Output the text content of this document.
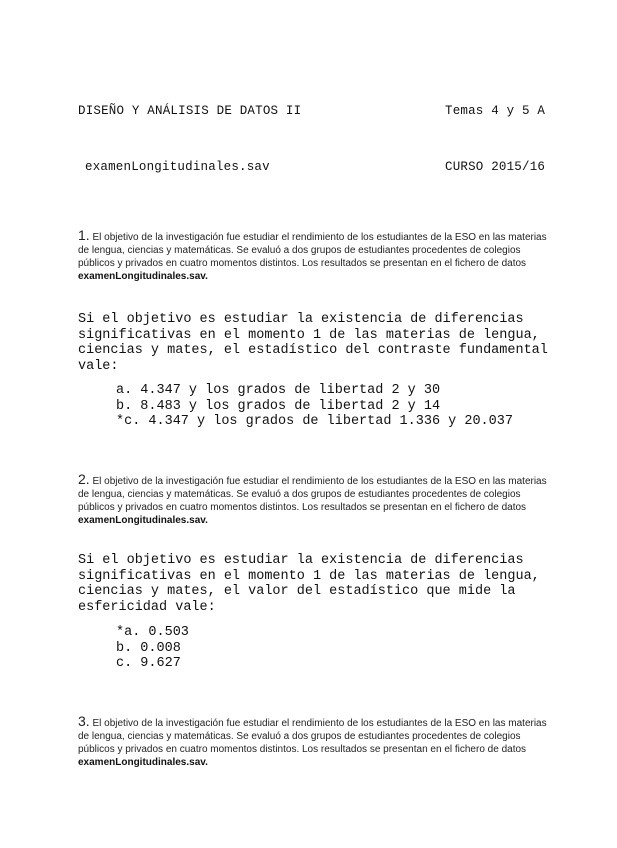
DISEÑO Y ANÁLISIS DE DATOS II	Temas 4 y 5 A
examenLongitudinales.sav	CURSO 2015/16
1. El objetivo de la investigación fue estudiar el rendimiento de los estudiantes de la ESO en las materias de lengua, ciencias y matemáticas. Se evaluó a dos grupos de estudiantes procedentes de colegios públicos y privados en cuatro momentos distintos. Los resultados se presentan en el fichero de datos examenLongitudinales.sav.
Si el objetivo es estudiar la existencia de diferencias
significativas en el momento 1 de las materias de lengua,
ciencias y mates, el estadístico del contraste fundamental
vale:
a. 4.347 y los grados de libertad 2 y 30
b. 8.483 y los grados de libertad 2 y 14
*c. 4.347 y los grados de libertad 1.336 y 20.037
2. El objetivo de la investigación fue estudiar el rendimiento de los estudiantes de la ESO en las materias de lengua, ciencias y matemáticas. Se evaluó a dos grupos de estudiantes procedentes de colegios públicos y privados en cuatro momentos distintos. Los resultados se presentan en el fichero de datos examenLongitudinales.sav.
Si el objetivo es estudiar la existencia de diferencias
significativas en el momento 1 de las materias de lengua,
ciencias y mates, el valor del estadístico que mide la
esfericidad vale:
*a. 0.503
b. 0.008
c. 9.627
3. El objetivo de la investigación fue estudiar el rendimiento de los estudiantes de la ESO en las materias de lengua, ciencias y matemáticas. Se evaluó a dos grupos de estudiantes procedentes de colegios públicos y privados en cuatro momentos distintos. Los resultados se presentan en el fichero de datos examenLongitudinales.sav.
